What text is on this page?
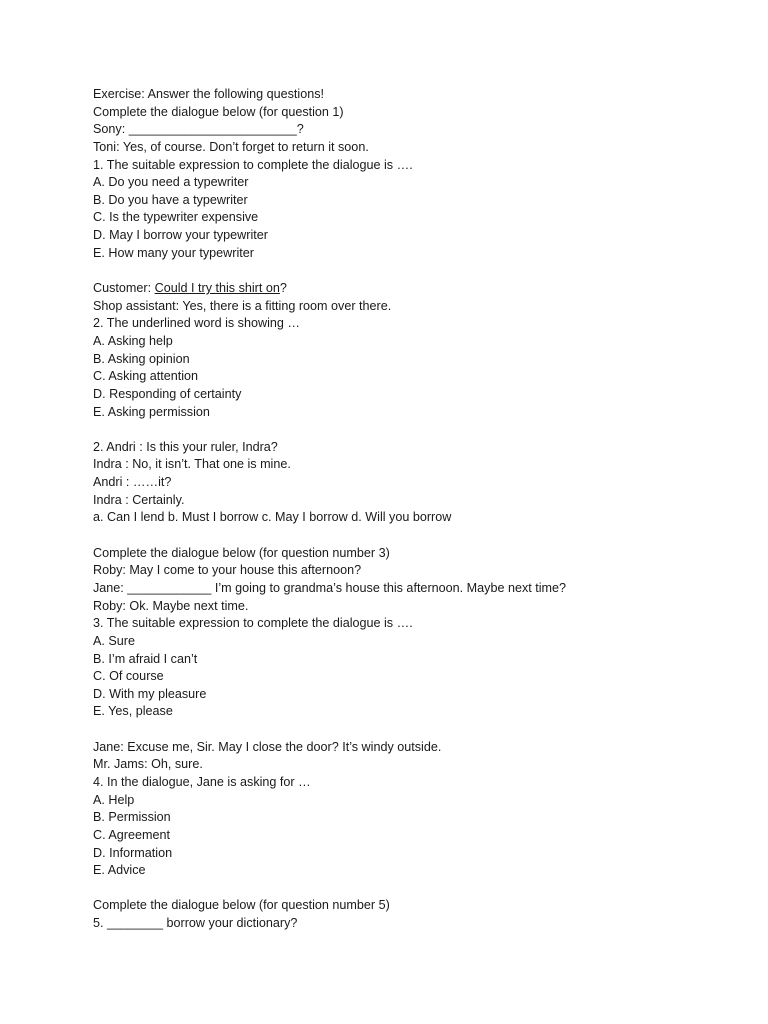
Exercise: Answer the following questions!
Complete the dialogue below (for question 1)
Sony: ________________________?
Toni: Yes, of course. Don’t forget to return it soon.
1. The suitable expression to complete the dialogue is ….
A. Do you need a typewriter
B. Do you have a typewriter
C. Is the typewriter expensive
D. May I borrow your typewriter
E. How many your typewriter
Customer: Could I try this shirt on?
Shop assistant: Yes, there is a fitting room over there.
2. The underlined word is showing …
A. Asking help
B. Asking opinion
C. Asking attention
D. Responding of certainty
E. Asking permission
2. Andri : Is this your ruler, Indra?
Indra : No, it isn’t. That one is mine.
Andri : ……it?
Indra : Certainly.
a. Can I lend b. Must I borrow c. May I borrow d. Will you borrow
Complete the dialogue below (for question number 3)
Roby: May I come to your house this afternoon?
Jane: ____________ I’m going to grandma’s house this afternoon. Maybe next time?
Roby: Ok. Maybe next time.
3. The suitable expression to complete the dialogue is ….
A. Sure
B. I’m afraid I can’t
C. Of course
D. With my pleasure
E. Yes, please
Jane: Excuse me, Sir. May I close the door? It’s windy outside.
Mr. Jams: Oh, sure.
4. In the dialogue, Jane is asking for …
A. Help
B. Permission
C. Agreement
D. Information
E. Advice
Complete the dialogue below (for question number 5)
5. ________ borrow your dictionary?
